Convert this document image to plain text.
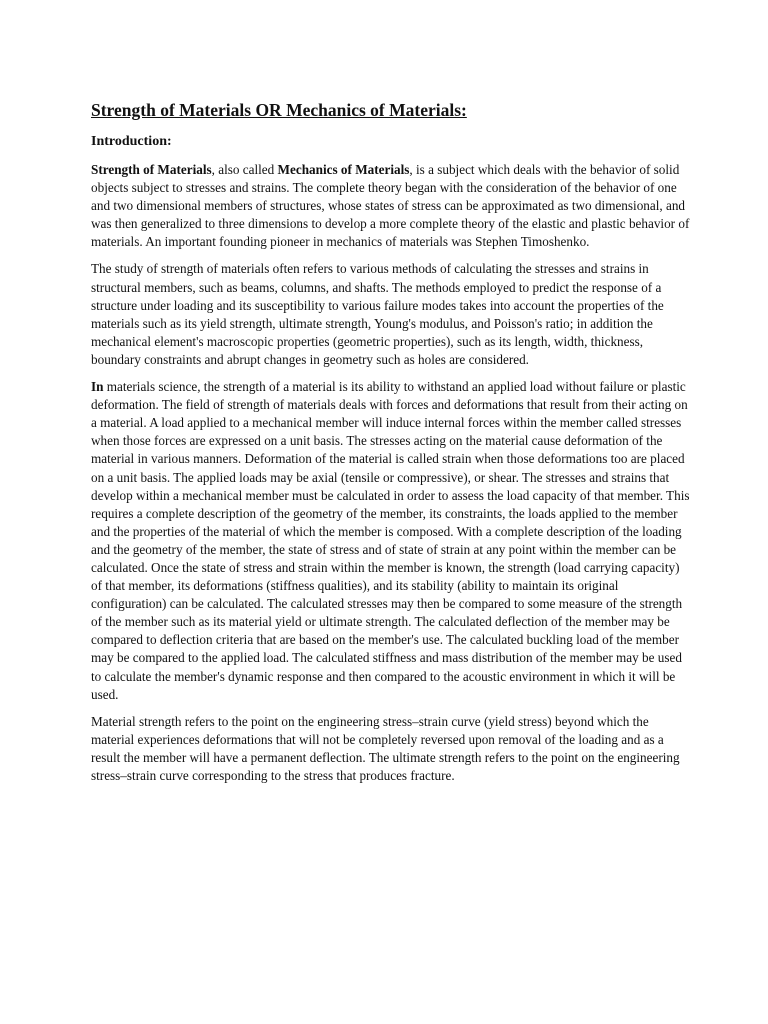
Strength of Materials OR Mechanics of Materials:
Introduction:

Strength of Materials, also called Mechanics of Materials, is a subject which deals with the behavior of solid objects subject to stresses and strains. The complete theory began with the consideration of the behavior of one and two dimensional members of structures, whose states of stress can be approximated as two dimensional, and was then generalized to three dimensions to develop a more complete theory of the elastic and plastic behavior of materials. An important founding pioneer in mechanics of materials was Stephen Timoshenko.

The study of strength of materials often refers to various methods of calculating the stresses and strains in structural members, such as beams, columns, and shafts. The methods employed to predict the response of a structure under loading and its susceptibility to various failure modes takes into account the properties of the materials such as its yield strength, ultimate strength, Young's modulus, and Poisson's ratio; in addition the mechanical element's macroscopic properties (geometric properties), such as its length, width, thickness, boundary constraints and abrupt changes in geometry such as holes are considered.

In materials science, the strength of a material is its ability to withstand an applied load without failure or plastic deformation. The field of strength of materials deals with forces and deformations that result from their acting on a material. A load applied to a mechanical member will induce internal forces within the member called stresses when those forces are expressed on a unit basis. The stresses acting on the material cause deformation of the material in various manners. Deformation of the material is called strain when those deformations too are placed on a unit basis. The applied loads may be axial (tensile or compressive), or shear. The stresses and strains that develop within a mechanical member must be calculated in order to assess the load capacity of that member. This requires a complete description of the geometry of the member, its constraints, the loads applied to the member and the properties of the material of which the member is composed. With a complete description of the loading and the geometry of the member, the state of stress and of state of strain at any point within the member can be calculated. Once the state of stress and strain within the member is known, the strength (load carrying capacity) of that member, its deformations (stiffness qualities), and its stability (ability to maintain its original configuration) can be calculated. The calculated stresses may then be compared to some measure of the strength of the member such as its material yield or ultimate strength. The calculated deflection of the member may be compared to deflection criteria that are based on the member's use. The calculated buckling load of the member may be compared to the applied load. The calculated stiffness and mass distribution of the member may be used to calculate the member's dynamic response and then compared to the acoustic environment in which it will be used.

Material strength refers to the point on the engineering stress–strain curve (yield stress) beyond which the material experiences deformations that will not be completely reversed upon removal of the loading and as a result the member will have a permanent deflection. The ultimate strength refers to the point on the engineering stress–strain curve corresponding to the stress that produces fracture.
